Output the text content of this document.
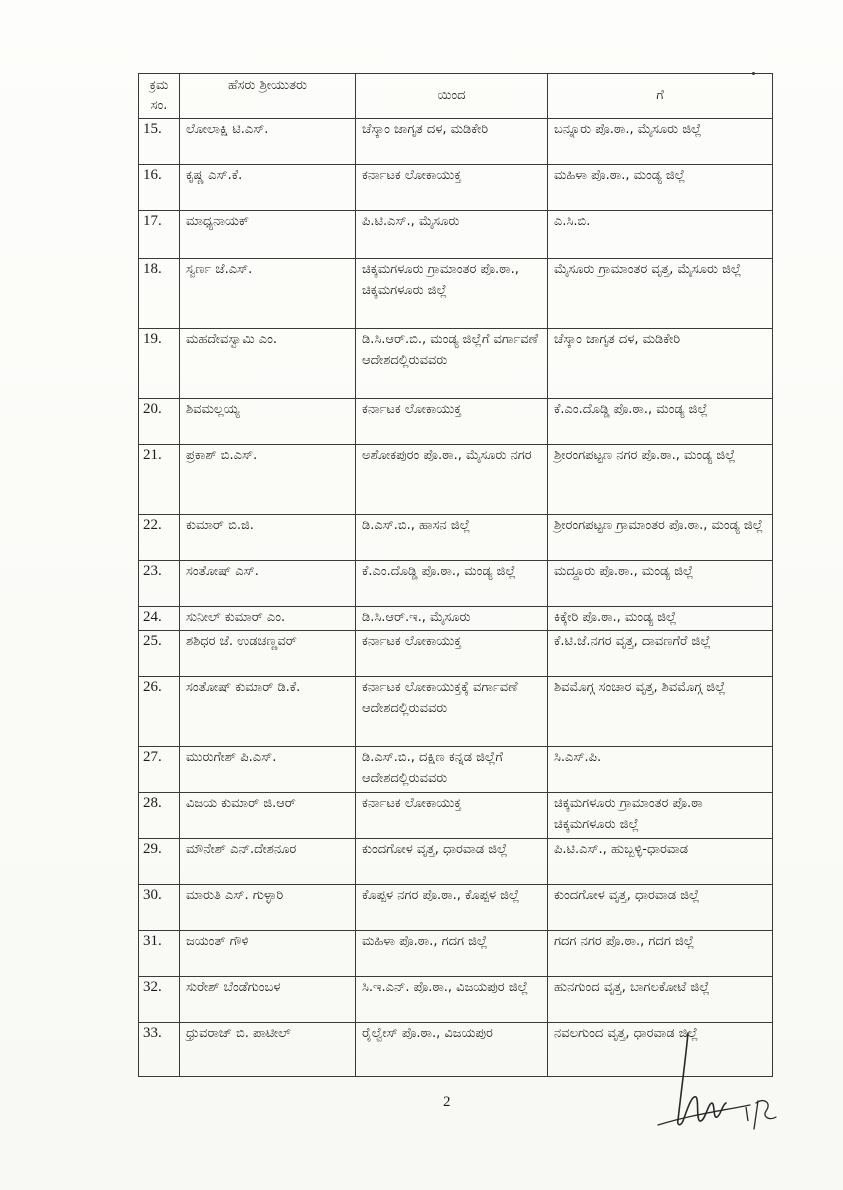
ಕ್ರಮ ಸಂ.	ಹೆಸರು ಶ್ರೀಯುತರು	ಯಿಂದ	ಗೆ
15.	ಲೋಲಾಕ್ಷಿ ಟಿ.ಎಸ್.	ಚೆಸ್ಕಾಂ ಜಾಗೃತ ದಳ, ಮಡಿಕೇರಿ	ಬನ್ನೂರು ಪೊ.ಠಾ., ಮೈಸೂರು ಜಿಲ್ಲೆ
16.	ಕೃಷ್ಣ ಎಸ್.ಕೆ.	ಕರ್ನಾಟಕ ಲೋಕಾಯುಕ್ತ	ಮಹಿಳಾ ಪೊ.ಠಾ., ಮಂಡ್ಯ ಜಿಲ್ಲೆ
17.	ಮಾಧ್ಯನಾಯಕ್	ಪಿ.ಟಿ.ಎಸ್., ಮೈಸೂರು	ಎ.ಸಿ.ಬಿ.
18.	ಸ್ವರ್ಣ ಜೆ.ಎಸ್.	ಚಿಕ್ಕಮಗಳೂರು ಗ್ರಾಮಾಂತರ ಪೊ.ಠಾ., ಚಿಕ್ಕಮಗಳೂರು ಜಿಲ್ಲೆ	ಮೈಸೂರು ಗ್ರಾಮಾಂತರ ವೃತ್ತ, ಮೈಸೂರು ಜಿಲ್ಲೆ
19.	ಮಹದೇವಸ್ವಾಮಿ ಎಂ.	ಡಿ.ಸಿ.ಆರ್.ಬಿ., ಮಂಡ್ಯ ಜಿಲ್ಲೆಗೆ ವರ್ಗಾವಣೆ ಆದೇಶದಲ್ಲಿರುವವರು	ಚೆಸ್ಕಾಂ ಜಾಗೃತ ದಳ, ಮಡಿಕೇರಿ
20.	ಶಿವಮಲ್ಲಯ್ಯ	ಕರ್ನಾಟಕ ಲೋಕಾಯುಕ್ತ	ಕೆ.ಎಂ.ದೊಡ್ಡಿ ಪೊ.ಠಾ., ಮಂಡ್ಯ ಜಿಲ್ಲೆ
21.	ಪ್ರಕಾಶ್ ಬಿ.ಎಸ್.	ಅಶೋಕಪುರಂ ಪೊ.ಠಾ., ಮೈಸೂರು ನಗರ	ಶ್ರೀರಂಗಪಟ್ಟಣ ನಗರ ಪೊ.ಠಾ., ಮಂಡ್ಯ ಜಿಲ್ಲೆ
22.	ಕುಮಾರ್ ಬಿ.ಜಿ.	ಡಿ.ಎಸ್.ಬಿ., ಹಾಸನ ಜಿಲ್ಲೆ	ಶ್ರೀರಂಗಪಟ್ಟಣ ಗ್ರಾಮಾಂತರ ಪೊ.ಠಾ., ಮಂಡ್ಯ ಜಿಲ್ಲೆ
23.	ಸಂತೋಷ್ ಎಸ್.	ಕೆ.ಎಂ.ದೊಡ್ಡಿ ಪೊ.ಠಾ., ಮಂಡ್ಯ ಜಿಲ್ಲೆ	ಮದ್ದೂರು ಪೊ.ಠಾ., ಮಂಡ್ಯ ಜಿಲ್ಲೆ
24.	ಸುನೀಲ್ ಕುಮಾರ್ ಎಂ.	ಡಿ.ಸಿ.ಆರ್.ಇ., ಮೈಸೂರು	ಕಿಕ್ಕೇರಿ ಪೊ.ಠಾ., ಮಂಡ್ಯ ಜಿಲ್ಲೆ
25.	ಶಶಿಧರ ಜೆ. ಉಡಚಣ್ಣವರ್	ಕರ್ನಾಟಕ ಲೋಕಾಯುಕ್ತ	ಕೆ.ಟಿ.ಜೆ.ನಗರ ವೃತ್ತ, ದಾವಣಗೆರೆ ಜಿಲ್ಲೆ
26.	ಸಂತೋಷ್ ಕುಮಾರ್ ಡಿ.ಕೆ.	ಕರ್ನಾಟಕ ಲೋಕಾಯುಕ್ತಕ್ಕೆ ವರ್ಗಾವಣೆ ಆದೇಶದಲ್ಲಿರುವವರು	ಶಿವಮೊಗ್ಗ ಸಂಚಾರ ವೃತ್ತ, ಶಿವಮೊಗ್ಗ ಜಿಲ್ಲೆ
27.	ಮುರುಗೇಶ್ ಪಿ.ಎಸ್.	ಡಿ.ಎಸ್.ಬಿ., ದಕ್ಷಿಣ ಕನ್ನಡ ಜಿಲ್ಲೆಗೆ ಆದೇಶದಲ್ಲಿರುವವರು	ಸಿ.ಎಸ್.ಪಿ.
28.	ವಿಜಯ ಕುಮಾರ್ ಜಿ.ಆರ್	ಕರ್ನಾಟಕ ಲೋಕಾಯುಕ್ತ	ಚಿಕ್ಕಮಗಳೂರು ಗ್ರಾಮಾಂತರ ಪೊ.ಠಾ ಚಿಕ್ಕಮಗಳೂರು ಜಿಲ್ಲೆ
29.	ಮೌನೇಶ್ ಎನ್.ದೇಶನೂರ	ಕುಂದಗೋಳ ವೃತ್ತ, ಧಾರವಾಡ ಜಿಲ್ಲೆ	ಪಿ.ಟಿ.ಎಸ್., ಹುಬ್ಬಳ್ಳಿ-ಧಾರವಾಡ
30.	ಮಾರುತಿ ಎಸ್. ಗುಳ್ಳಾರಿ	ಕೊಪ್ಪಳ ನಗರ ಪೊ.ಠಾ., ಕೊಪ್ಪಳ ಜಿಲ್ಲೆ	ಕುಂದಗೋಳ ವೃತ್ತ, ಧಾರವಾಡ ಜಿಲ್ಲೆ
31.	ಜಯಂತ್ ಗೌಳಿ	ಮಹಿಳಾ ಪೊ.ಠಾ., ಗದಗ ಜಿಲ್ಲೆ	ಗದಗ ನಗರ ಪೊ.ಠಾ., ಗದಗ ಜಿಲ್ಲೆ
32.	ಸುರೇಶ್ ಬೆಂಡೆಗುಂಬಳ	ಸಿ.ಇ.ಎನ್. ಪೊ.ಠಾ., ವಿಜಯಪುರ ಜಿಲ್ಲೆ	ಹುನಗುಂದ ವೃತ್ತ, ಬಾಗಲಕೋಟೆ ಜಿಲ್ಲೆ
33.	ಧ್ರುವರಾಜ್ ಬಿ. ಪಾಟೀಲ್	ರೈಲ್ವೇಸ್ ಪೊ.ಠಾ., ವಿಜಯಪುರ	ನವಲಗುಂದ ವೃತ್ತ, ಧಾರವಾಡ ಜಿಲ್ಲೆ
2
